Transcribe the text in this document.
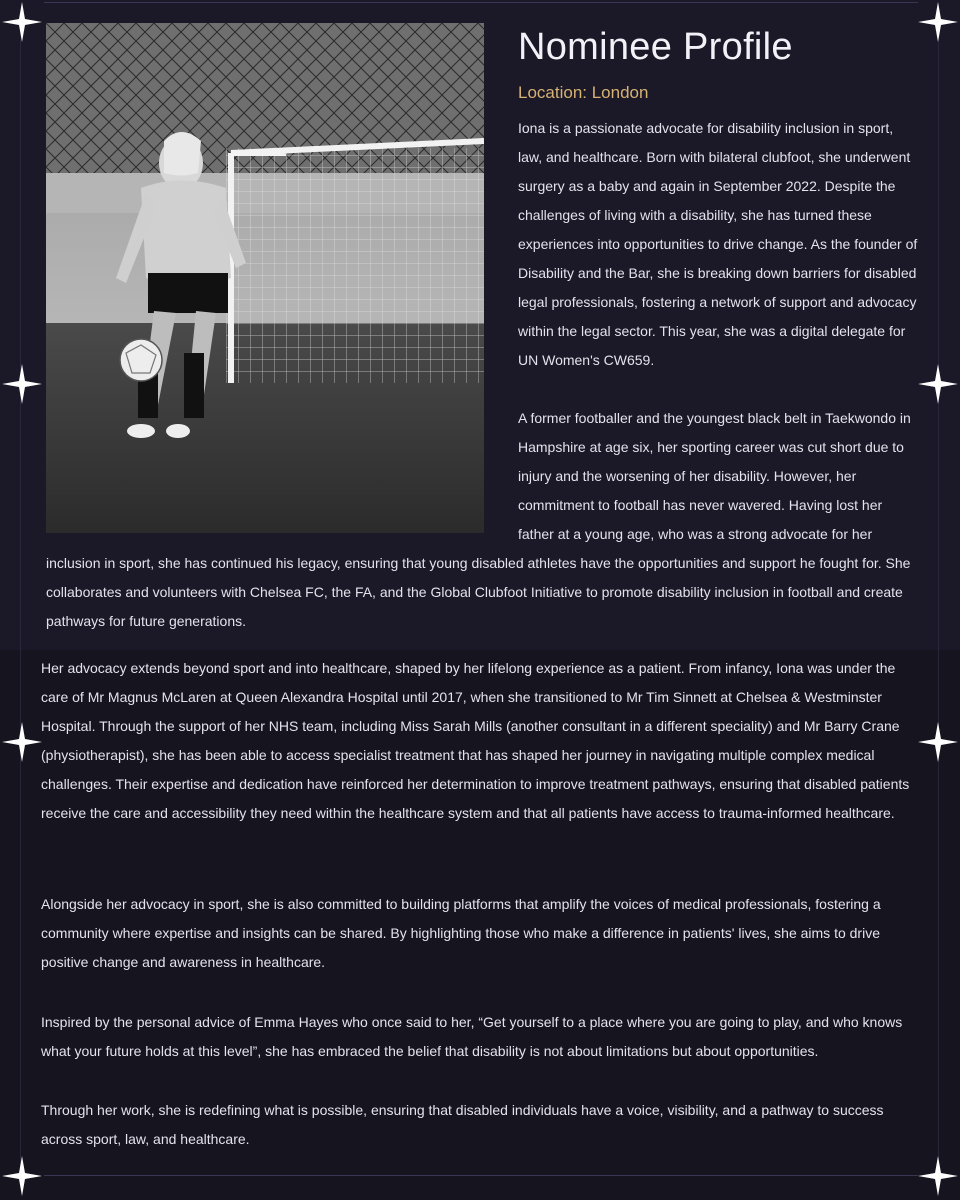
Nominee Profile
Location: London

Iona is a passionate advocate for disability inclusion in sport, law, and healthcare. Born with bilateral clubfoot, she underwent surgery as a baby and again in September 2022. Despite the challenges of living with a disability, she has turned these experiences into opportunities to drive change. As the founder of Disability and the Bar, she is breaking down barriers for disabled legal professionals, fostering a network of support and advocacy within the legal sector. This year, she was a digital delegate for UN Women's CW659.

A former footballer and the youngest black belt in Taekwondo in Hampshire at age six, her sporting career was cut short due to injury and the worsening of her disability. However, her commitment to football has never wavered. Having lost her father at a young age, who was a strong advocate for her

inclusion in sport, she has continued his legacy, ensuring that young disabled athletes have the opportunities and support he fought for. She collaborates and volunteers with Chelsea FC, the FA, and the Global Clubfoot Initiative to promote disability inclusion in football and create pathways for future generations.

Her advocacy extends beyond sport and into healthcare, shaped by her lifelong experience as a patient. From infancy, Iona was under the care of Mr Magnus McLaren at Queen Alexandra Hospital until 2017, when she transitioned to Mr Tim Sinnett at Chelsea & Westminster Hospital. Through the support of her NHS team, including Miss Sarah Mills (another consultant in a different speciality) and Mr Barry Crane (physiotherapist), she has been able to access specialist treatment that has shaped her journey in navigating multiple complex medical challenges. Their expertise and dedication have reinforced her determination to improve treatment pathways, ensuring that disabled patients receive the care and accessibility they need within the healthcare system and that all patients have access to trauma-informed healthcare.

Alongside her advocacy in sport, she is also committed to building platforms that amplify the voices of medical professionals, fostering a community where expertise and insights can be shared. By highlighting those who make a difference in patients' lives, she aims to drive positive change and awareness in healthcare.

Inspired by the personal advice of Emma Hayes who once said to her, “Get yourself to a place where you are going to play, and who knows what your future holds at this level”, she has embraced the belief that disability is not about limitations but about opportunities.

Through her work, she is redefining what is possible, ensuring that disabled individuals have a voice, visibility, and a pathway to success across sport, law, and healthcare.
